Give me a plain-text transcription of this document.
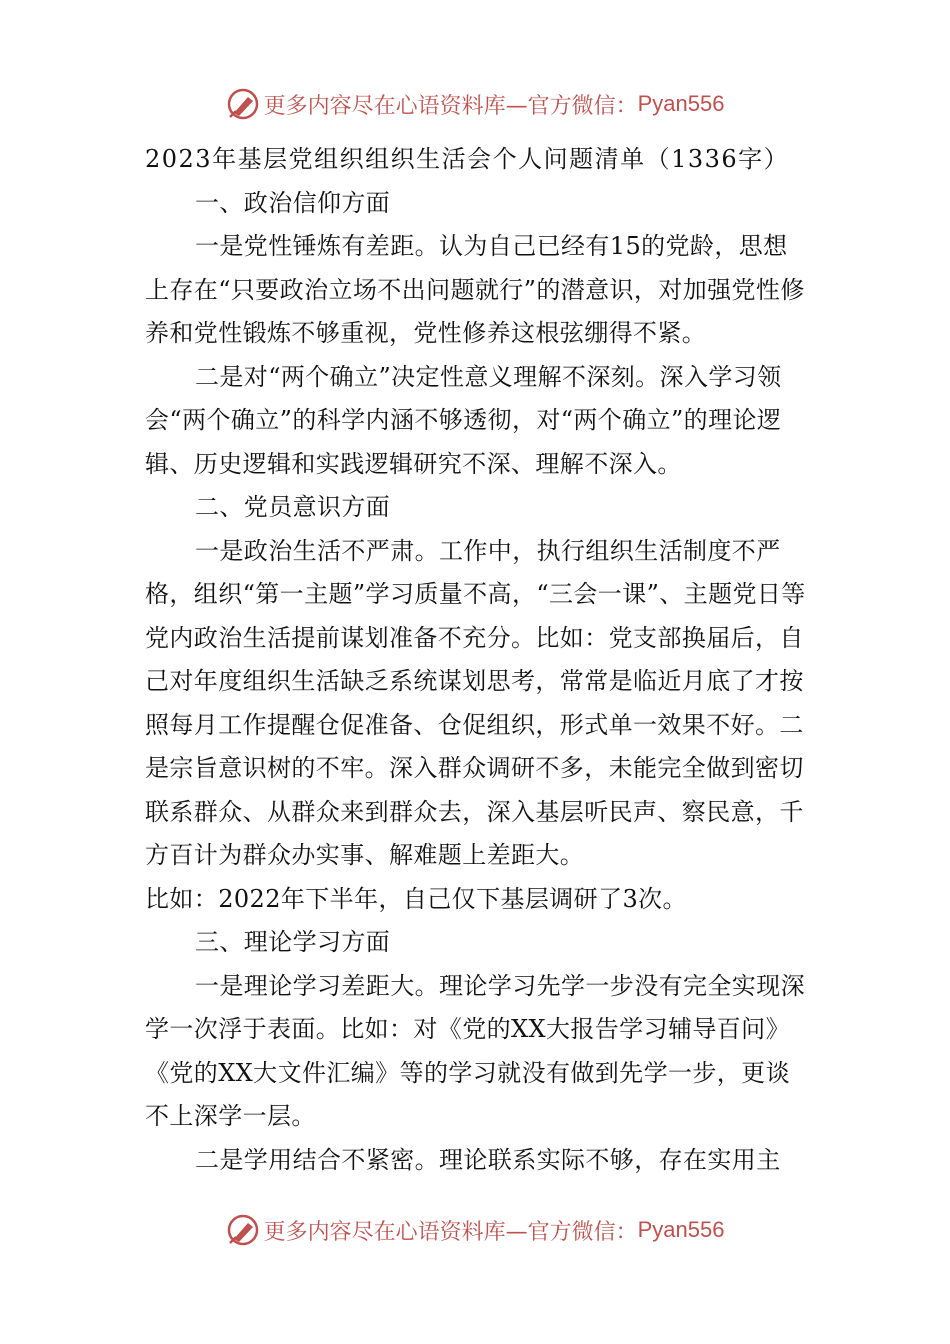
更多内容尽在心语资料库—官方微信： Pyan556

2023年基层党组织组织生活会个人问题清单（1336字）

一、政治信仰方面

一是党性锤炼有差距。认为自己已经有15的党龄，思想上存在“只要政治立场不出问题就行”的潜意识，对加强党性修养和党性锻炼不够重视，党性修养这根弦绷得不紧。

二是对“两个确立”决定性意义理解不深刻。深入学习领会“两个确立”的科学内涵不够透彻，对“两个确立”的理论逻辑、历史逻辑和实践逻辑研究不深、理解不深入。

二、党员意识方面

一是政治生活不严肃。工作中，执行组织生活制度不严格，组织“第一主题”学习质量不高，“三会一课”、主题党日等党内政治生活提前谋划准备不充分。比如：党支部换届后，自己对年度组织生活缺乏系统谋划思考，常常是临近月底了才按照每月工作提醒仓促准备、仓促组织，形式单一效果不好。二是宗旨意识树的不牢。深入群众调研不多，未能完全做到密切联系群众、从群众来到群众去，深入基层听民声、察民意，千方百计为群众办实事、解难题上差距大。

比如：2022年下半年，自己仅下基层调研了3次。

三、理论学习方面

一是理论学习差距大。理论学习先学一步没有完全实现深学一次浮于表面。比如：对《党的XX大报告学习辅导百问》《党的XX大文件汇编》等的学习就没有做到先学一步，更谈不上深学一层。

二是学用结合不紧密。理论联系实际不够，存在实用主

更多内容尽在心语资料库—官方微信： Pyan556
